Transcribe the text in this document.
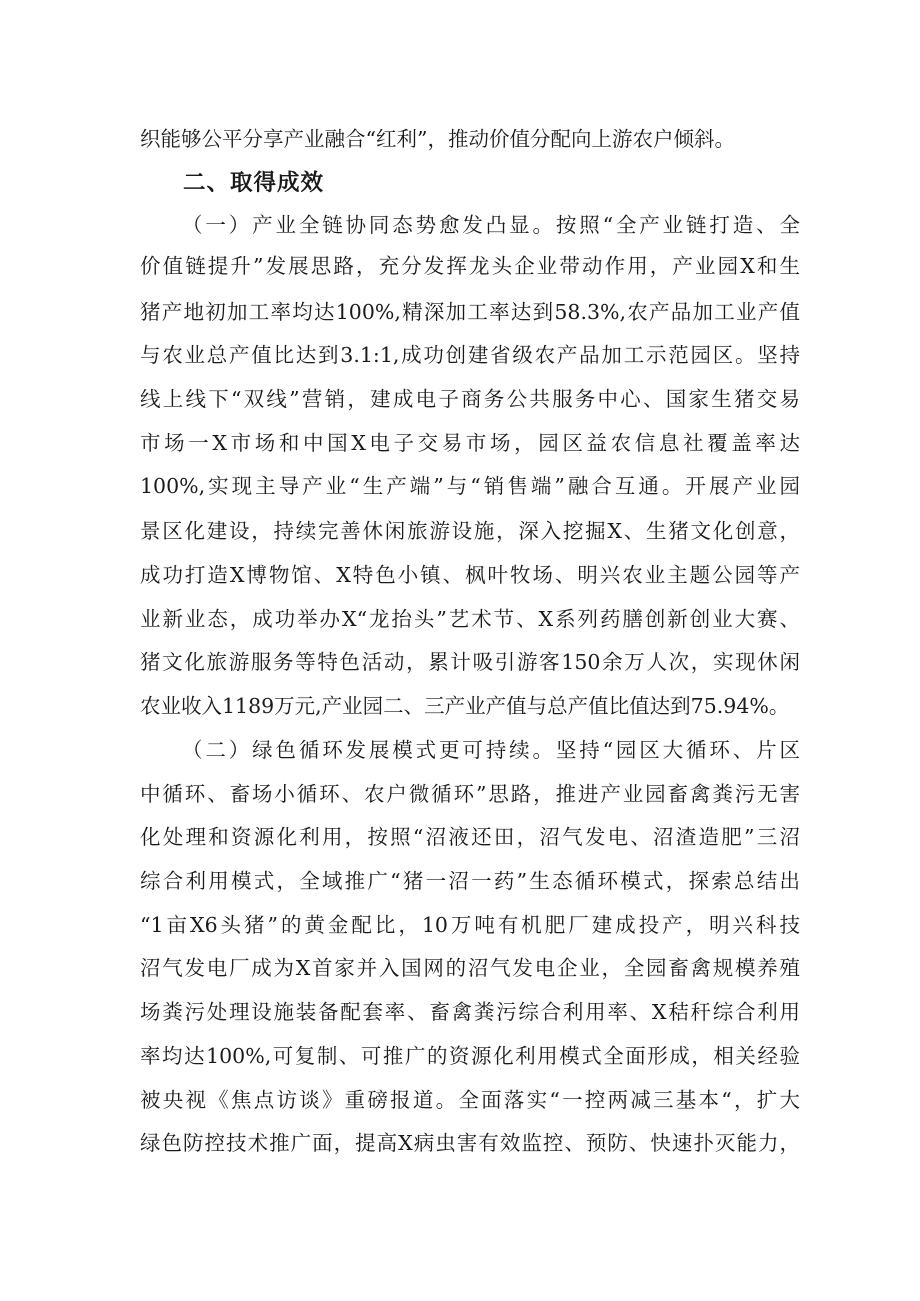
织能够公平分享产业融合“红利”，推动价值分配向上游农户倾斜。
二、取得成效
（一）产业全链协同态势愈发凸显。按照“全产业链打造、全
价值链提升”发展思路，充分发挥龙头企业带动作用，产业园X和生
猪产地初加工率均达100%,精深加工率达到58.3%,农产品加工业产值
与农业总产值比达到3.1:1,成功创建省级农产品加工示范园区。坚持
线上线下“双线”营销，建成电子商务公共服务中心、国家生猪交易
市场一X市场和中国X电子交易市场，园区益农信息社覆盖率达
100%,实现主导产业“生产端”与“销售端”融合互通。开展产业园
景区化建设，持续完善休闲旅游设施，深入挖掘X、生猪文化创意，
成功打造X博物馆、X特色小镇、枫叶牧场、明兴农业主题公园等产
业新业态，成功举办X“龙抬头”艺术节、X系列药膳创新创业大赛、
猪文化旅游服务等特色活动，累计吸引游客150余万人次，实现休闲
农业收入1189万元,产业园二、三产业产值与总产值比值达到75.94%。
（二）绿色循环发展模式更可持续。坚持“园区大循环、片区
中循环、畜场小循环、农户微循环”思路，推进产业园畜禽粪污无害
化处理和资源化利用，按照“沼液还田，沼气发电、沼渣造肥”三沼
综合利用模式，全域推广“猪一沼一药”生态循环模式，探索总结出
“1亩X6头猪”的黄金配比，10万吨有机肥厂建成投产，明兴科技
沼气发电厂成为X首家并入国网的沼气发电企业，全园畜禽规模养殖
场粪污处理设施装备配套率、畜禽粪污综合利用率、X秸秆综合利用
率均达100%,可复制、可推广的资源化利用模式全面形成，相关经验
被央视《焦点访谈》重磅报道。全面落实“一控两减三基本“，扩大
绿色防控技术推广面，提高X病虫害有效监控、预防、快速扑灭能力，
